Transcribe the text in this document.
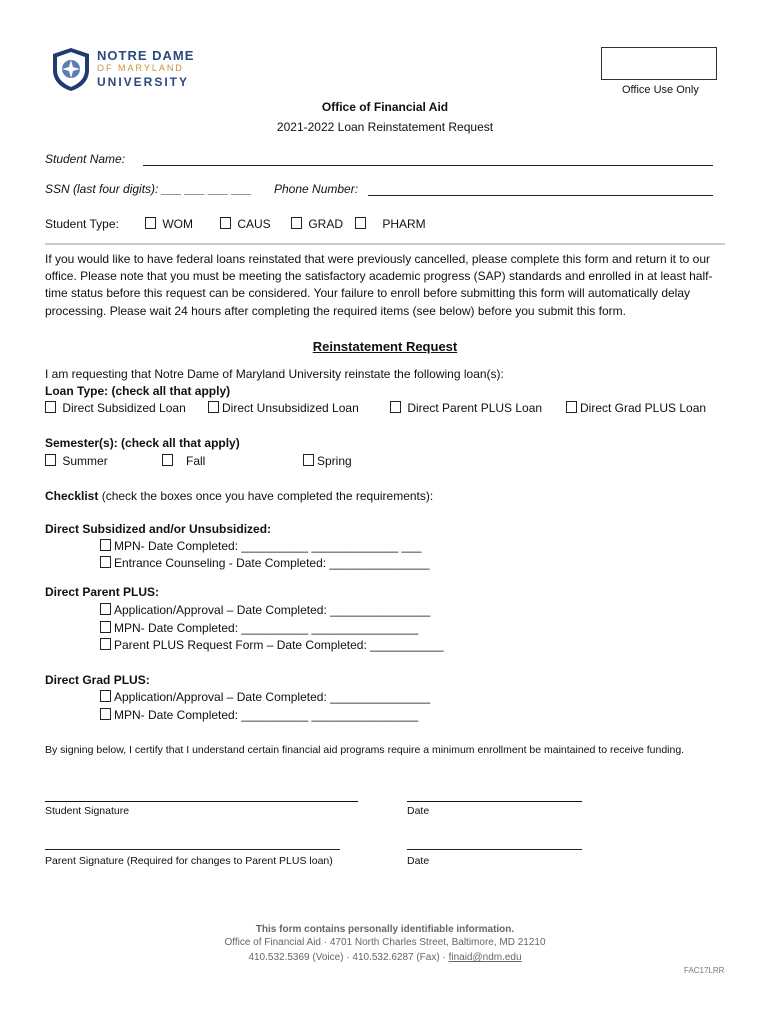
NOTRE DAME
OF MARYLAND
UNIVERSITY
Office Use Only
Office of Financial Aid
2021-2022 Loan Reinstatement Request
Student Name:
SSN (last four digits): ___ ___ ___ ___ Phone Number:
Student Type:	WOM	CAUS	GRAD	PHARM
If you would like to have federal loans reinstated that were previously cancelled, please complete this form and return it to our office. Please note that you must be meeting the satisfactory academic progress (SAP) standards and enrolled in at least half-time status before this request can be considered. Your failure to enroll before submitting this form will automatically delay processing. Please wait 24 hours after completing the required items (see below) before you submit this form.
Reinstatement Request
I am requesting that Notre Dame of Maryland University reinstate the following loan(s):
Loan Type: (check all that apply)
Direct Subsidized Loan	Direct Unsubsidized Loan	Direct Parent PLUS Loan	Direct Grad PLUS Loan
Semester(s): (check all that apply)
Summer	Fall	Spring
Checklist (check the boxes once you have completed the requirements):
Direct Subsidized and/or Unsubsidized:
MPN- Date Completed: __________ _____________ ___
Entrance Counseling - Date Completed: _______________
Direct Parent PLUS:
Application/Approval – Date Completed: _______________
MPN- Date Completed: __________ ________________
Parent PLUS Request Form – Date Completed: ___________
Direct Grad PLUS:
Application/Approval – Date Completed: _______________
MPN- Date Completed: __________ ________________
By signing below, I certify that I understand certain financial aid programs require a minimum enrollment be maintained to receive funding.
Student Signature	Date
Parent Signature (Required for changes to Parent PLUS loan)	Date
This form contains personally identifiable information.
Office of Financial Aid · 4701 North Charles Street, Baltimore, MD 21210
410.532.5369 (Voice) · 410.532.6287 (Fax) · finaid@ndm.edu
FAC17LRR
